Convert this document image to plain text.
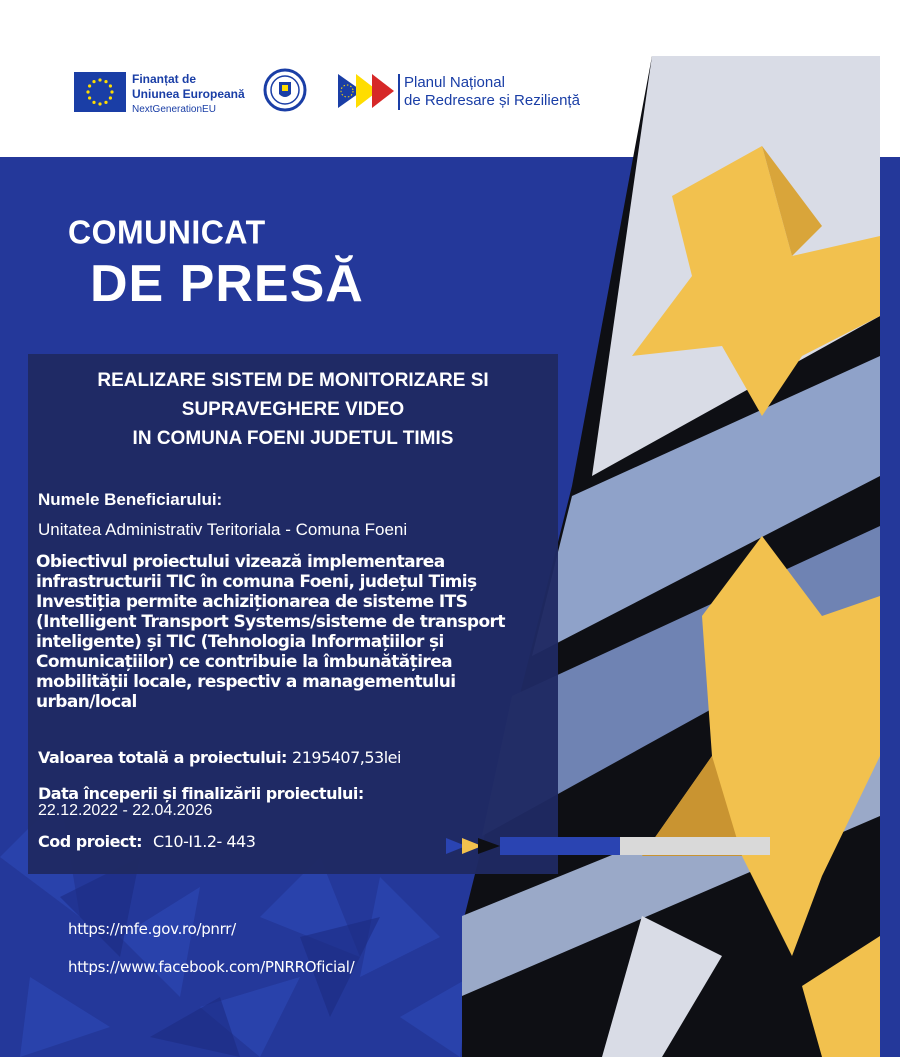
Finanțat de
Uniunea Europeană
NextGenerationEU
Planul Național
de Redresare și Reziliență
COMUNICAT
DE PRESĂ
REALIZARE SISTEM DE MONITORIZARE SI
SUPRAVEGHERE VIDEO
IN COMUNA FOENI JUDETUL TIMIS
Numele Beneficiarului:
Unitatea Administrativ Teritoriala - Comuna Foeni
Obiectivul proiectului vizează implementarea infrastructurii TIC în comuna Foeni, județul Timiș Investiția permite achiziționarea de sisteme ITS (Intelligent Transport Systems/sisteme de transport inteligente) și TIC (Tehnologia Informațiilor și Comunicațiilor) ce contribuie la îmbunătățirea mobilității locale, respectiv a managementului urban/local
Valoarea totală a proiectului: 2195407,53lei
Data începerii și finalizării proiectului:
22.12.2022 - 22.04.2026
Cod proiect: C10-I1.2- 443
https://mfe.gov.ro/pnrr/
https://www.facebook.com/PNRROficial/
